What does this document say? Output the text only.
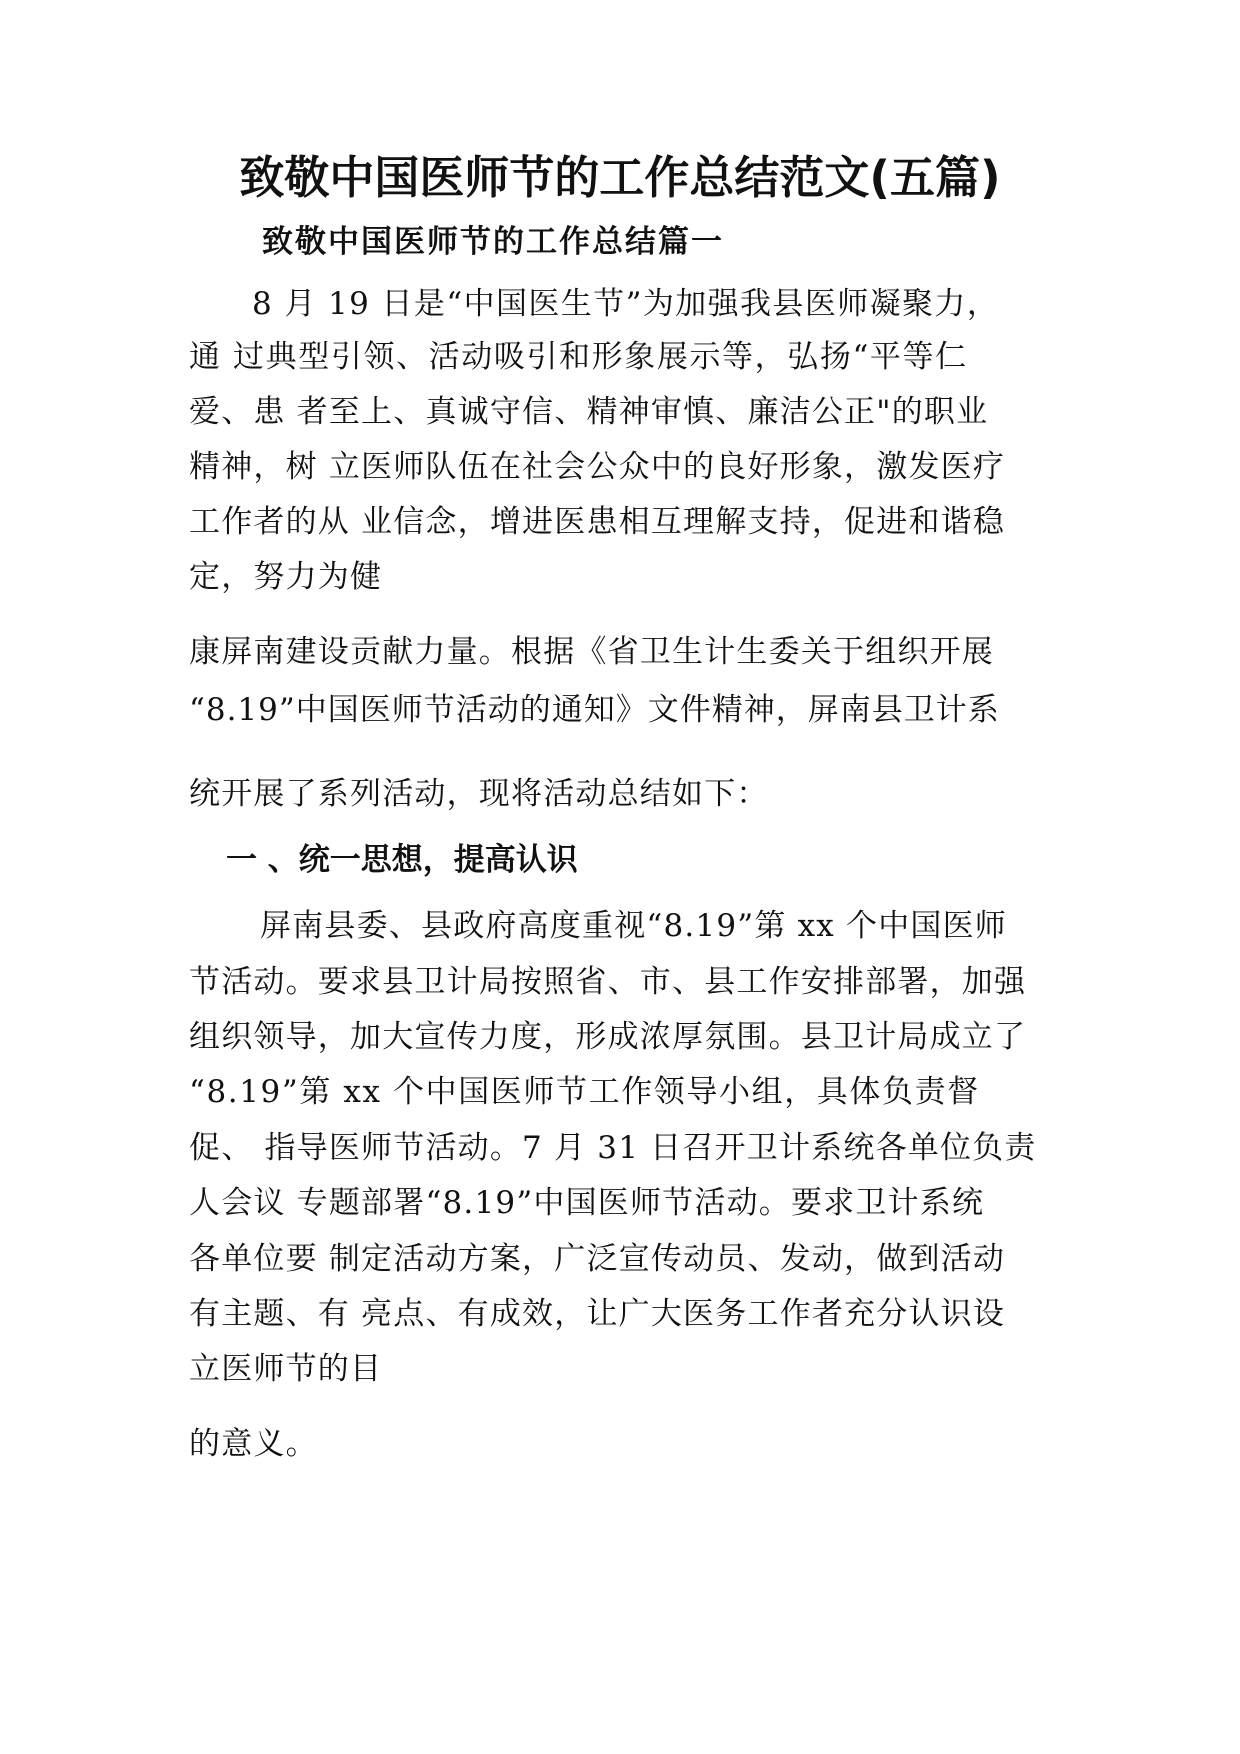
致敬中国医师节的工作总结范文(五篇)
致敬中国医师节的工作总结篇一

8 月 19 日是“中国医生节”为加强我县医师凝聚力，

通 过典型引领、活动吸引和形象展示等，弘扬“平等仁

爱、患 者至上、真诚守信、精神审慎、廉洁公正"的职业

精神，树 立医师队伍在社会公众中的良好形象，激发医疗

工作者的从 业信念，增进医患相互理解支持，促进和谐稳

定，努力为健

康屏南建设贡献力量。根据《省卫生计生委关于组织开展

“8.19”中国医师节活动的通知》文件精神，屏南县卫计系

统开展了系列活动，现将活动总结如下：

一 、统一思想，提高认识

屏南县委、县政府高度重视“8.19”第 xx 个中国医师

节活动。要求县卫计局按照省、市、县工作安排部署，加强

组织领导，加大宣传力度，形成浓厚氛围。县卫计局成立了

“8.19”第 xx 个中国医师节工作领导小组，具体负责督

促、 指导医师节活动。7 月 31 日召开卫计系统各单位负责

人会议 专题部署“8.19”中国医师节活动。要求卫计系统

各单位要 制定活动方案，广泛宣传动员、发动，做到活动

有主题、有 亮点、有成效，让广大医务工作者充分认识设

立医师节的目

的意义。
